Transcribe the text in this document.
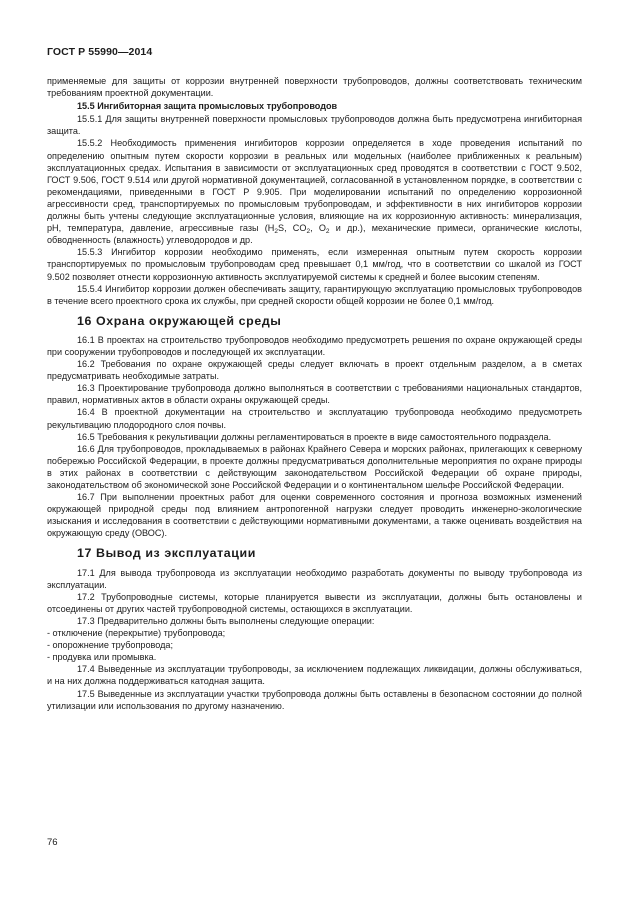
ГОСТ Р 55990—2014

применяемые для защиты от коррозии внутренней поверхности трубопроводов, должны соответствовать техническим требованиям проектной документации.

15.5 Ингибиторная защита промысловых трубопроводов

15.5.1 Для защиты внутренней поверхности промысловых трубопроводов должна быть предусмотрена ингибиторная защита.

15.5.2 Необходимость применения ингибиторов коррозии определяется в ходе проведения испытаний по определению опытным путем скорости коррозии в реальных или модельных (наиболее приближенных к реальным) эксплуатационных средах. Испытания в зависимости от эксплуатационных сред проводятся в соответствии с ГОСТ 9.502, ГОСТ 9.506, ГОСТ 9.514 или другой нормативной документацией, согласованной в установленном порядке, в соответствии с рекомендациями, приведенными в ГОСТ Р 9.905. При моделировании испытаний по определению коррозионной агрессивности сред, транспортируемых по промысловым трубопроводам, и эффективности в них ингибиторов коррозии должны быть учтены следующие эксплуатационные условия, влияющие на их коррозионную активность: минерализация, pH, температура, давление, агрессивные газы ($H_2S$, $CO_2$, $O_2$ и др.), механические примеси, органические кислоты, обводненность (влажность) углеводородов и др.

15.5.3 Ингибитор коррозии необходимо применять, если измеренная опытным путем скорость коррозии транспортируемых по промысловым трубопроводам сред превышает 0,1 мм/год, что в соответствии со шкалой из ГОСТ 9.502 позволяет отнести коррозионную активность эксплуатируемой системы к средней и более высоким степеням.

15.5.4 Ингибитор коррозии должен обеспечивать защиту, гарантирующую эксплуатацию промысловых трубопроводов в течение всего проектного срока их службы, при средней скорости общей коррозии не более 0,1 мм/год.

16 Охрана окружающей среды

16.1 В проектах на строительство трубопроводов необходимо предусмотреть решения по охране окружающей среды при сооружении трубопроводов и последующей их эксплуатации.

16.2 Требования по охране окружающей среды следует включать в проект отдельным разделом, а в сметах предусматривать необходимые затраты.

16.3 Проектирование трубопровода должно выполняться в соответствии с требованиями национальных стандартов, правил, нормативных актов в области охраны окружающей среды.

16.4 В проектной документации на строительство и эксплуатацию трубопровода необходимо предусмотреть рекультивацию плодородного слоя почвы.

16.5 Требования к рекультивации должны регламентироваться в проекте в виде самостоятельного подраздела.

16.6 Для трубопроводов, прокладываемых в районах Крайнего Севера и морских районах, прилегающих к северному побережью Российской Федерации, в проекте должны предусматриваться дополнительные мероприятия по охране природы в этих районах в соответствии с действующим законодательством Российской Федерации об охране природы, законодательством об экономической зоне Российской Федерации и о континентальном шельфе Российской Федерации.

16.7 При выполнении проектных работ для оценки современного состояния и прогноза возможных изменений окружающей природной среды под влиянием антропогенной нагрузки следует проводить инженерно-экологические изыскания и исследования в соответствии с действующими нормативными документами, а также оценивать воздействия на окружающую среду (ОВОС).

17 Вывод из эксплуатации

17.1 Для вывода трубопровода из эксплуатации необходимо разработать документы по выводу трубопровода из эксплуатации.

17.2 Трубопроводные системы, которые планируется вывести из эксплуатации, должны быть остановлены и отсоединены от других частей трубопроводной системы, остающихся в эксплуатации.

17.3 Предварительно должны быть выполнены следующие операции:

- отключение (перекрытие) трубопровода;

- опорожнение трубопровода;

- продувка или промывка.

17.4 Выведенные из эксплуатации трубопроводы, за исключением подлежащих ликвидации, должны обслуживаться, и на них должна поддерживаться катодная защита.

17.5 Выведенные из эксплуатации участки трубопровода должны быть оставлены в безопасном состоянии до полной утилизации или использования по другому назначению.

76
